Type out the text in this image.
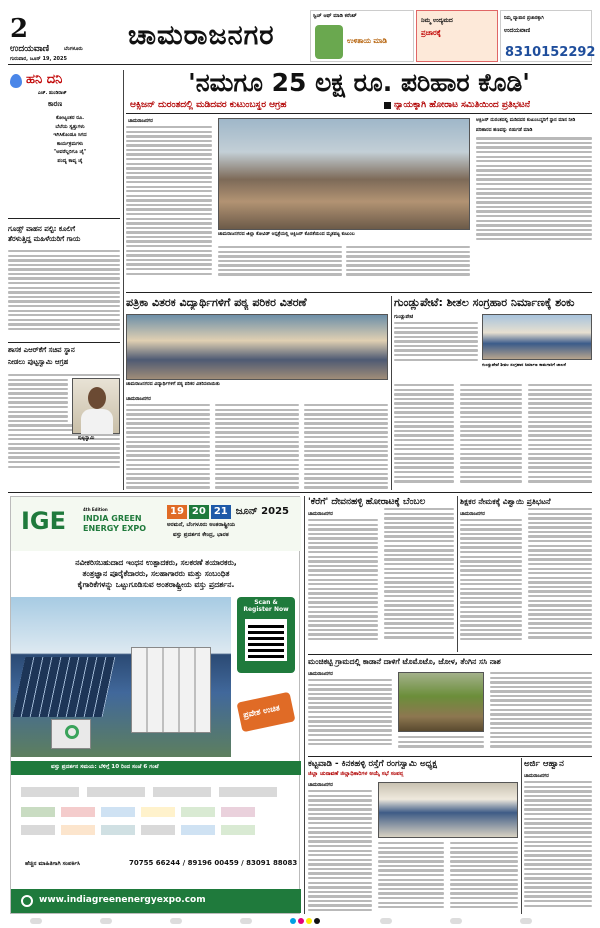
2
ಉದಯವಾಣಿ	ಬೆಂಗಳೂರು
ಗುರುವಾರ, ಜೂನ್ 19, 2025
ಚಾಮರಾಜನಗರ
ಸ್ವಿಚ್ ಆಫ್ ಮಾಡಿ ಕರೆಂಟ್
ಉಳಿತಾಯ ಮಾಡಿ
ನಿಮ್ಮ ಉದ್ಯಮದ
ಪ್ರಚಾರಕ್ಕೆ
ನಿಮ್ಮ ವ್ಯಾಪಾರ ಪ್ರಚಾರಕ್ಕಾಗಿ
ಉದಯವಾಣಿ
8310152292
ಹನಿ ದನಿ
ಎಚ್. ಡುಂಡಿರಾಜ್
ಕಾರಣ
ಕೋಟ್ಯಂತರ ರೂ.
ಬೆಲೆಯ ಸ್ವತ್ತುಗಳು
ಇಗಿಸಿಕೊಂಡೂ ಸಿಗದ
ಕಾರ್ಯಕ್ರಮಗಳು
"ಅವರೆಲ್ಲರಿಗೂ ಜೈ"
ಪಂದ್ಯ ಕಾವ್ಯ ಜೈ
ಗೂಡ್ಸ್ ವಾಹನ ಪಲ್ಟಿ: ಕೂಲಿಗೆ
ತೆರಳುತ್ತಿದ್ದ ಮಹಿಳೆಯರಿಗೆ ಗಾಯ
ಶಾಸಕ ಎಆರ್‌ಕೆಗೆ ಸಚಿವ ಸ್ಥಾನ
ನೀಡಲು ಪುಟ್ಟಸ್ವಾಮಿ ಆಗ್ರಹ
ಪುಟ್ಟಸ್ವಾಮಿ
'ನಮಗೂ 25 ಲಕ್ಷ ರೂ. ಪರಿಹಾರ ಕೊಡಿ'
ಆಕ್ಸಿಜನ್ ದುರಂತದಲ್ಲಿ ಮಡಿದವರ ಕುಟುಂಬಸ್ಥರ ಆಗ್ರಹ	ನ್ಯಾಯಕ್ಕಾಗಿ ಹೋರಾಟ ಸಮಿತಿಯಿಂದ ಪ್ರತಿಭಟನೆ
ಚಾಮರಾಜನಗರ
ಚಾಮರಾಜನಗರದ ಜಿಲ್ಲಾ ಕೋವಿಡ್ ಆಸ್ಪತ್ರೆಯಲ್ಲಿ ಆಕ್ಸಿಜನ್ ಕೊರತೆಯಿಂದ ಮೃತಪಟ್ಟ ಕುಟುಂಬ
ಆಕ್ಸಿಜನ್ ದುರಂತದಲ್ಲಿ ಮಡಿದವರ ಕುಟುಂಬಸ್ಥರಿಗೆ ಸ್ಥಾನ ಮಾನ ನೀಡಿ
ಪರಿಹಾರದ ಹಣವನ್ನು ಬಿಡುಗಡೆ ಮಾಡಿ
ಪತ್ರಿಕಾ ವಿತರಕ ವಿದ್ಯಾರ್ಥಿಗಳಿಗೆ ಪಠ್ಯ ಪರಿಕರ ವಿತರಣೆ
ಚಾಮರಾಜನಗರದ ವಿದ್ಯಾರ್ಥಿಗಳಿಗೆ ಪಠ್ಯ ಪರಿಕರ ವಿತರಿಸಲಾಯಿತು
ಚಾಮರಾಜನಗರ
ಗುಂಡ್ಲುಪೇಟೆ: ಶೀತಲ ಸಂಗ್ರಹಾರ ನಿರ್ಮಾಣಕ್ಕೆ ಶಂಕು
ಗುಂಡ್ಲುಪೇಟೆ
ಗುಂಡ್ಲುಪೇಟೆ ಶೀತಲ ಸಂಗ್ರಹಾರ ನಿರ್ಮಾಣ ಕಾಮಗಾರಿಗೆ ಚಾಲನೆ
IGE	4th Edition
INDIA GREEN
ENERGY EXPO
19 20 21 ಜೂನ್ 2025
ಅರಮನೆ, ಬೆಂಗಳೂರು ಅಂತರಾಷ್ಟ್ರೀಯ
ವಸ್ತು ಪ್ರದರ್ಶನ ಕೇಂದ್ರ, ಭಾರತ
ನವೀಕರಿಸಬಹುದಾದ ಇಂಧನ ಉತ್ಪಾದಕರು, ಸಲಕರಣೆ ತಯಾರಕರು,
ತಂತ್ರಜ್ಞಾನ ಪೂರೈಕೆದಾರರು, ಸಲಹಾಗಾರರು ಮತ್ತು ಸಂಬಂಧಿತ
ಕೈಗಾರಿಕೆಗಳನ್ನು ಒಟ್ಟುಗೂಡಿಸುವ ಅಂತರಾಷ್ಟ್ರೀಯ ವಸ್ತು ಪ್ರದರ್ಶನ.
Scan & Register Now
ಪ್ರವೇಶ ಉಚಿತ
ವಸ್ತು ಪ್ರದರ್ಶನ ಸಮಯ: ಬೆಳಿಗ್ಗೆ 10 ರಿಂದ ಸಂಜೆ 6 ಗಂಟೆ
ಹೆಚ್ಚಿನ ಮಾಹಿತಿಗಾಗಿ ಸಂಪರ್ಕಿಸಿ	70755 66244 / 89196 00459 / 83091 88083
www.indiagreenenergyexpo.com
'ಕೆರೆಗೆ' ದೇವನಹಳ್ಳಿ ಹೋರಾಟಕ್ಕೆ ಬೆಂಬಲ
ಚಾಮರಾಜನಗರ
ಶಿಕ್ಷಕರ ನೇಮಕಕ್ಕೆ ವಿಶ್ವಾಯಿ ಪ್ರತಿಭಟನೆ
ಚಾಮರಾಜನಗರ
ಮಂಚಿಕಟ್ಟಿ ಗ್ರಾಮದಲ್ಲಿ ಕಾಡಾನೆ ದಾಳಿಗೆ ಟೊಮೊಟೊ, ಜೋಳ, ತೆಂಗಿನ ಸಸಿ ನಾಶ
ಚಾಮರಾಜನಗರ
ಕಟ್ಟವಾಡಿ - ಕಿನಕಹಳ್ಳಿ ರಸ್ತೆಗೆ ರಂಗಸ್ವಾಮಿ ಅಧ್ಯಕ್ಷ
ಜಿಲ್ಲಾ ಚುನಾವಣೆ ಜಿಲ್ಲಾಧಿಕಾರಿಗಳ ಅಯ್ಕೆ ಸಭೆ ಸಂಪನ್ನ
ಚಾಮರಾಜನಗರ
ಅರ್ಜಿ ಆಹ್ವಾನ
ಚಾಮರಾಜನಗರ
